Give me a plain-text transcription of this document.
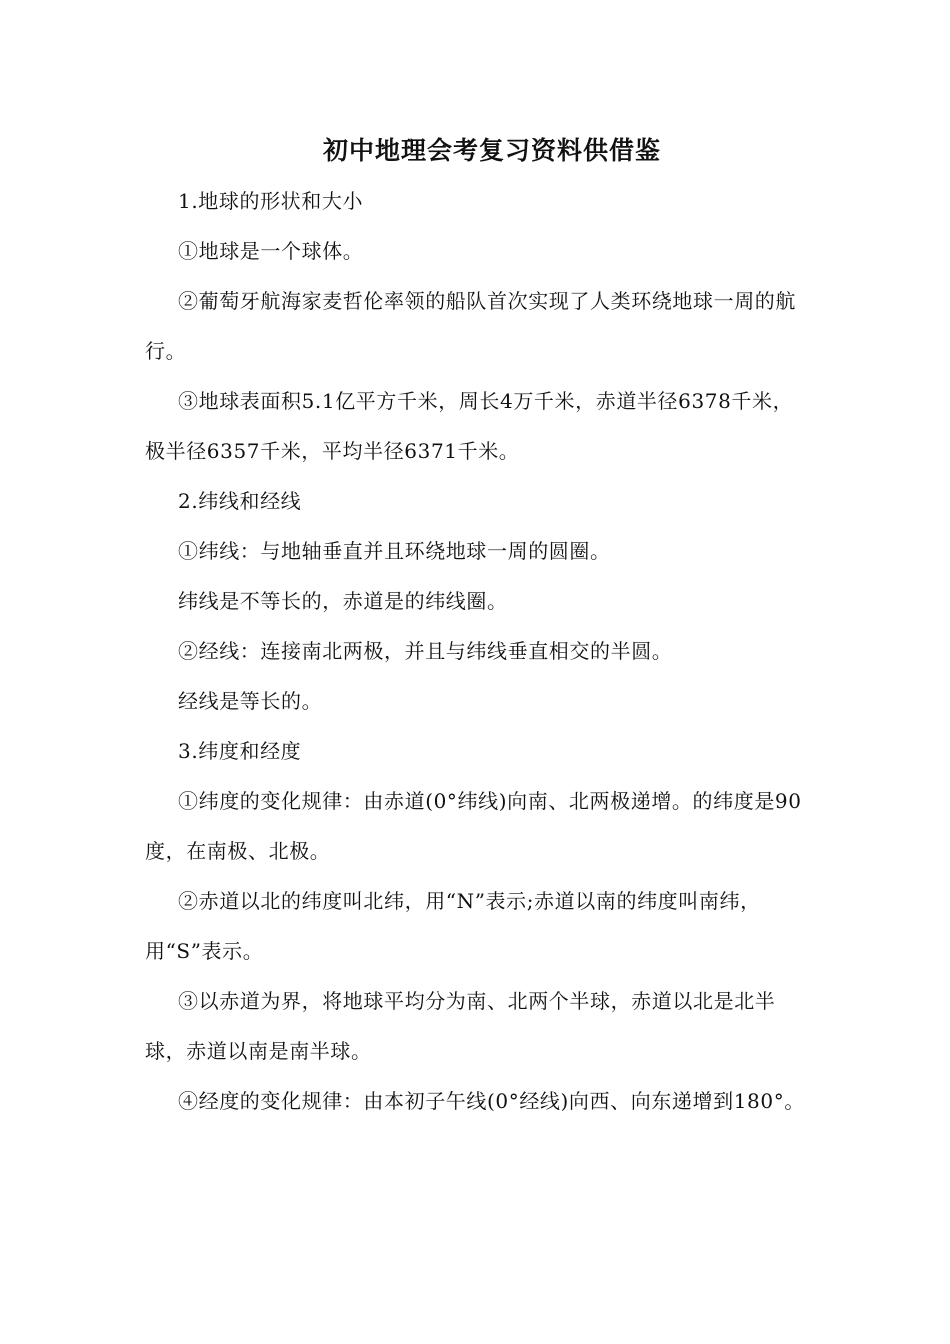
初中地理会考复习资料供借鉴
1.地球的形状和大小
①地球是一个球体。
②葡萄牙航海家麦哲伦率领的船队首次实现了人类环绕地球一周的航行。
③地球表面积5.1亿平方千米，周长4万千米，赤道半径6378千米，极半径6357千米，平均半径6371千米。
2.纬线和经线
①纬线：与地轴垂直并且环绕地球一周的圆圈。
纬线是不等长的，赤道是的纬线圈。
②经线：连接南北两极，并且与纬线垂直相交的半圆。
经线是等长的。
3.纬度和经度
①纬度的变化规律：由赤道(0°纬线)向南、北两极递增。的纬度是90度，在南极、北极。
②赤道以北的纬度叫北纬，用“N”表示;赤道以南的纬度叫南纬，用“S”表示。
③以赤道为界，将地球平均分为南、北两个半球，赤道以北是北半球，赤道以南是南半球。
④经度的变化规律：由本初子午线(0°经线)向西、向东递增到180°。
